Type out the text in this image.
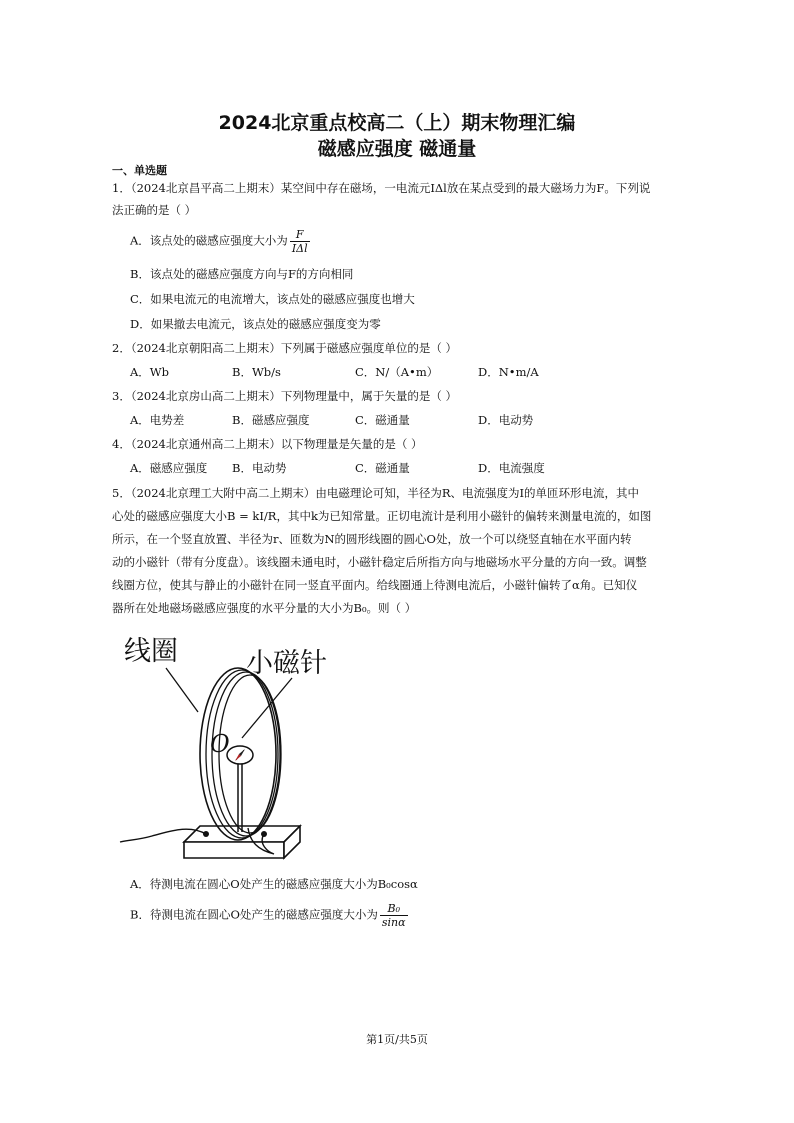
2024北京重点校高二（上）期末物理汇编
磁感应强度 磁通量
一、单选题
1．（2024北京昌平高二上期末）某空间中存在磁场，一电流元IΔl放在某点受到的最大磁场力为F。下列说
法正确的是（ ）
A．该点处的磁感应强度大小为 $\frac{F}{\text{IΔl}}$
B．该点处的磁感应强度方向与F的方向相同
C．如果电流元的电流增大，该点处的磁感应强度也增大
D．如果撤去电流元，该点处的磁感应强度变为零
2．（2024北京朝阳高二上期末）下列属于磁感应强度单位的是（ ）
A．Wb	B．Wb/s	C．N/（A•m）	D．N•m/A
3．（2024北京房山高二上期末）下列物理量中，属于矢量的是（ ）
A．电势差	B．磁感应强度	C．磁通量	D．电动势
4．（2024北京通州高二上期末）以下物理量是矢量的是（ ）
A．磁感应强度 B．电动势	C．磁通量	D．电流强度
5．（2024北京理工大附中高二上期末）由电磁理论可知，半径为R、电流强度为I的单匝环形电流，其中
心处的磁感应强度大小B = kI/R，其中k为已知常量。正切电流计是利用小磁针的偏转来测量电流的，如图
所示，在一个竖直放置、半径为r、匝数为N的圆形线圈的圆心O处，放一个可以绕竖直轴在水平面内转
动的小磁针（带有分度盘）。该线圈未通电时，小磁针稳定后所指方向与地磁场水平分量的方向一致。调整
线圈方位，使其与静止的小磁针在同一竖直平面内。给线圈通上待测电流后，小磁针偏转了α角。已知仪
器所在处地磁场磁感应强度的水平分量的大小为B₀。则（ ）
线圈	小磁针
O
A．待测电流在圆心O处产生的磁感应强度大小为B₀cosα
B．待测电流在圆心O处产生的磁感应强度大小为 $\frac{\text{B₀}}{\sin\alpha}$
第1页/共5页
